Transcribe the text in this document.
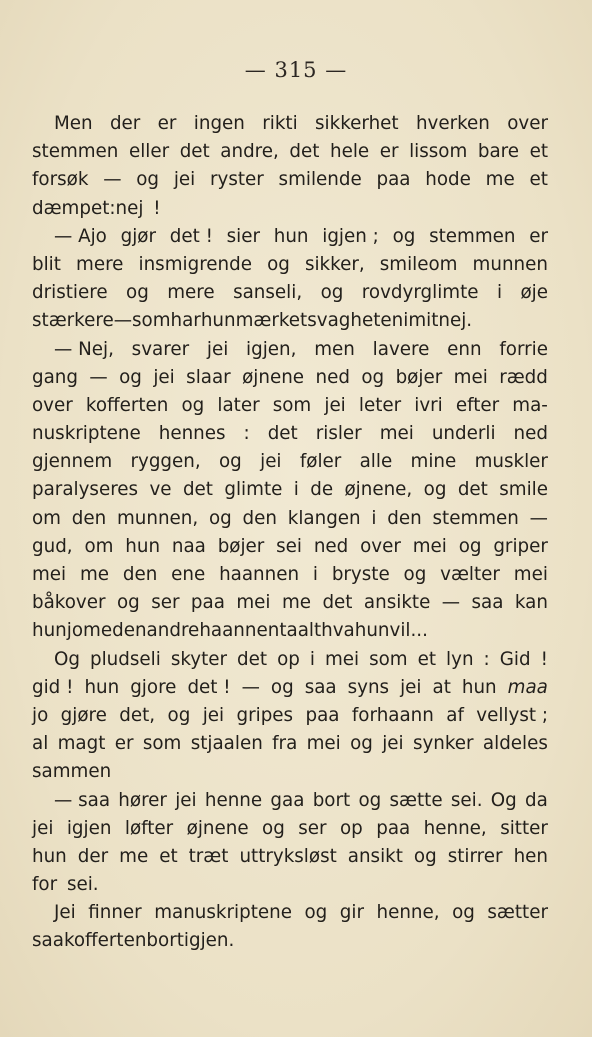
— 315 —
Men der er ingen rikti sikkerhet hverken over
stemmen eller det andre, det hele er lissom bare et
forsøk — og jei ryster smilende paa hode me et
dæmpet: nej !
— Ajo gjør det ! sier hun igjen ; og stemmen er
blit mere insmigrende og sikker, smileom munnen
dristiere og mere sanseli, og rovdyrglimte i øje
stærkere — som har hun mærket svagheten i mit nej.
— Nej, svarer jei igjen, men lavere enn forrie
gang — og jei slaar øjnene ned og bøjer mei rædd
over kofferten og later som jei leter ivri efter ma-
nuskriptene hennes : det risler mei underli ned
gjennem ryggen, og jei føler alle mine muskler
paralyseres ve det glimte i de øjnene, og det smile
om den munnen, og den klangen i den stemmen —
gud, om hun naa bøjer sei ned over mei og griper
mei me den ene haannen i bryste og vælter mei
båkover og ser paa mei me det ansikte — saa kan
hun jo me den andre haannen ta alt hva hun vil...
Og pludseli skyter det op i mei som et lyn : Gid !
gid ! hun gjore det ! — og saa syns jei at hun maa
jo gjøre det, og jei gripes paa forhaann af vellyst ;
al magt er som stjaalen fra mei og jei synker aldeles
sammen
— saa hører jei henne gaa bort og sætte sei. Og da
jei igjen løfter øjnene og ser op paa henne, sitter
hun der me et træt uttryksløst ansikt og stirrer hen
for sei.
Jei finner manuskriptene og gir henne, og sætter
saa kofferten bort igjen.
